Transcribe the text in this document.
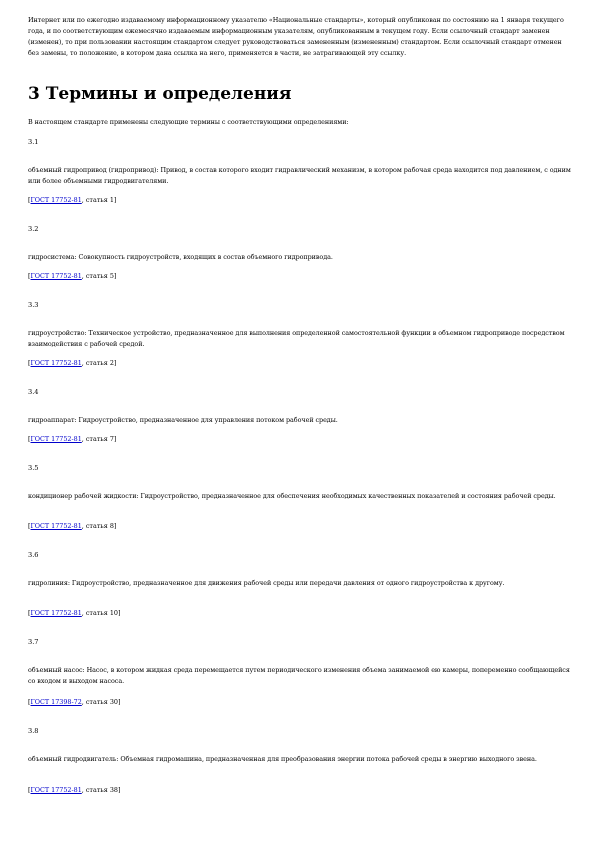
Интернет или по ежегодно издаваемому информационному указателю «Национальные стандарты», который опубликован по состоянию на 1 января текущего года, и по соответствующим ежемесячно издаваемым информационным указателям, опубликованным в текущем году. Если ссылочный стандарт заменен (изменен), то при пользовании настоящим стандартом следует руководствоваться замененным (измененным) стандартом. Если ссылочный стандарт отменен без замены, то положение, в котором дана ссылка на него, применяется в части, не затрагивающей эту ссылку.
3 Термины и определения
В настоящем стандарте применены следующие термины с соответствующими определениями:
3.1
объемный гидропривод (гидропривод): Привод, в состав которого входит гидравлический механизм, в котором рабочая среда находится под давлением, с одним или более объемными гидродвигателями.
[ГОСТ 17752-81, статья 1]
3.2
гидросистема: Совокупность гидроустройств, входящих в состав объемного гидропривода.
[ГОСТ 17752-81, статья 5]
3.3
гидроустройство: Техническое устройство, предназначенное для выполнения определенной самостоятельной функции в объемном гидроприводе посредством взаимодействия с рабочей средой.
[ГОСТ 17752-81, статья 2]
3.4
гидроаппарат: Гидроустройство, предназначенное для управления потоком рабочей среды.
[ГОСТ 17752-81, статья 7]
3.5
кондиционер рабочей жидкости: Гидроустройство, предназначенное для обеспечения необходимых качественных показателей и состояния рабочей среды.
[ГОСТ 17752-81, статья 8]
3.6
гидролиния: Гидроустройство, предназначенное для движения рабочей среды или передачи давления от одного гидроустройства к другому.
[ГОСТ 17752-81, статья 10]
3.7
объемный насос: Насос, в котором жидкая среда перемещается путем периодического изменения объема занимаемой ею камеры, попеременно сообщающейся со входом и выходом насоса.
[ГОСТ 17398-72, статья 30]
3.8
объемный гидродвигатель: Объемная гидромашина, предназначенная для преобразования энергии потока рабочей среды в энергию выходного звена.
[ГОСТ 17752-81, статья 38]
